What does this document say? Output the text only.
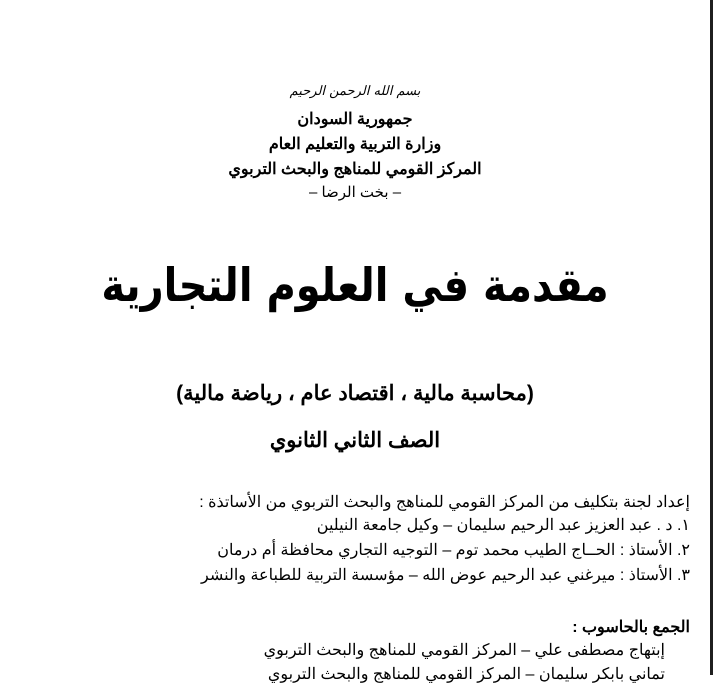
بسم الله الرحمن الرحيم
جمهورية السودان
وزارة التربية والتعليم العام
المركز القومي للمناهج والبحث التربوي
– بخت الرضا –
مقدمة في العلوم التجارية
(محاسبة مالية ، اقتصاد عام ، رياضة مالية)
الصف الثاني الثانوي
إعداد لجنة بتكليف من المركز القومي للمناهج والبحث التربوي من الأساتذة :
١. د . عبد العزيز عبد الرحيم سليمان – وكيل جامعة النيلين
٢. الأستاذ : الحــاج الطيب محمد توم – التوجيه التجاري محافظة أم درمان
٣. الأستاذ : ميرغني عبد الرحيم عوض الله – مؤسسة التربية للطباعة والنشر
الجمع بالحاسوب :
إبتهاج مصطفى علي – المركز القومي للمناهج والبحث التربوي
تماني بابكر سليمان – المركز القومي للمناهج والبحث التربوي
